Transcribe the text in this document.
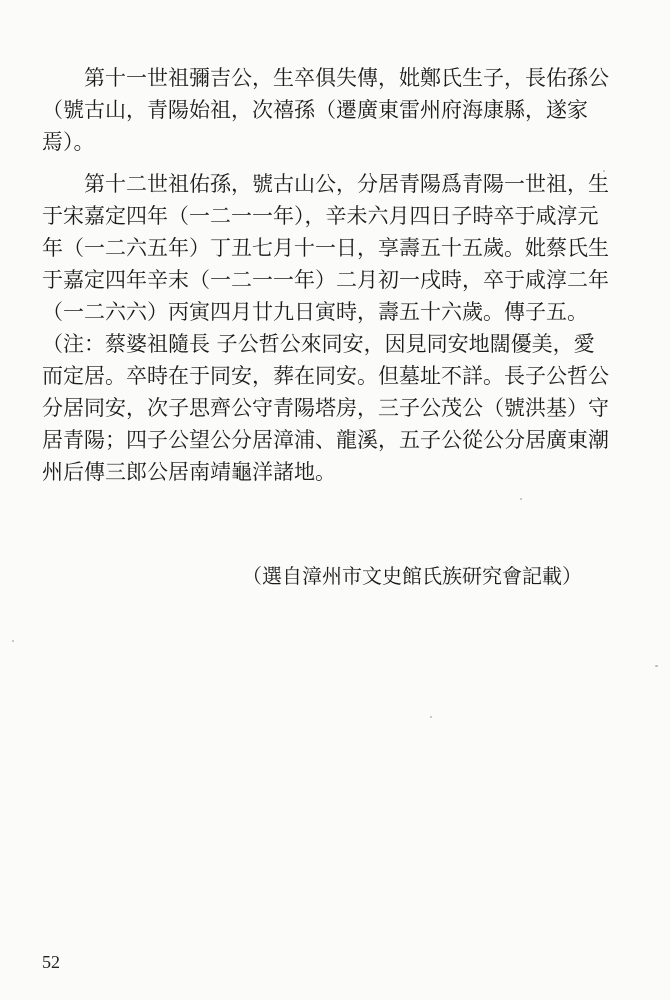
　　第十一世祖彌吉公，生卒俱失傳，妣鄭氏生子，長佑孫公
（號古山，青陽始祖，次禧孫（遷廣東雷州府海康縣，遂家
焉）。
　　第十二世祖佑孫，號古山公，分居青陽爲青陽一世祖，生
于宋嘉定四年（一二一一年），辛未六月四日子時卒于咸淳元
年（一二六五年）丁丑七月十一日，享壽五十五歲。妣蔡氏生
于嘉定四年辛末（一二一一年）二月初一戌時，卒于咸淳二年
（一二六六）丙寅四月廿九日寅時，壽五十六歲。傳子五。
（注：蔡婆祖隨長 子公哲公來同安，因見同安地闊優美，愛
而定居。卒時在于同安，葬在同安。但墓址不詳。長子公哲公
分居同安，次子思齊公守青陽塔房，三子公茂公（號洪基）守
居青陽；四子公望公分居漳浦、龍溪，五子公從公分居廣東潮
州后傳三郎公居南靖龜洋諸地。
（選自漳州市文史館氏族研究會記載）
52
